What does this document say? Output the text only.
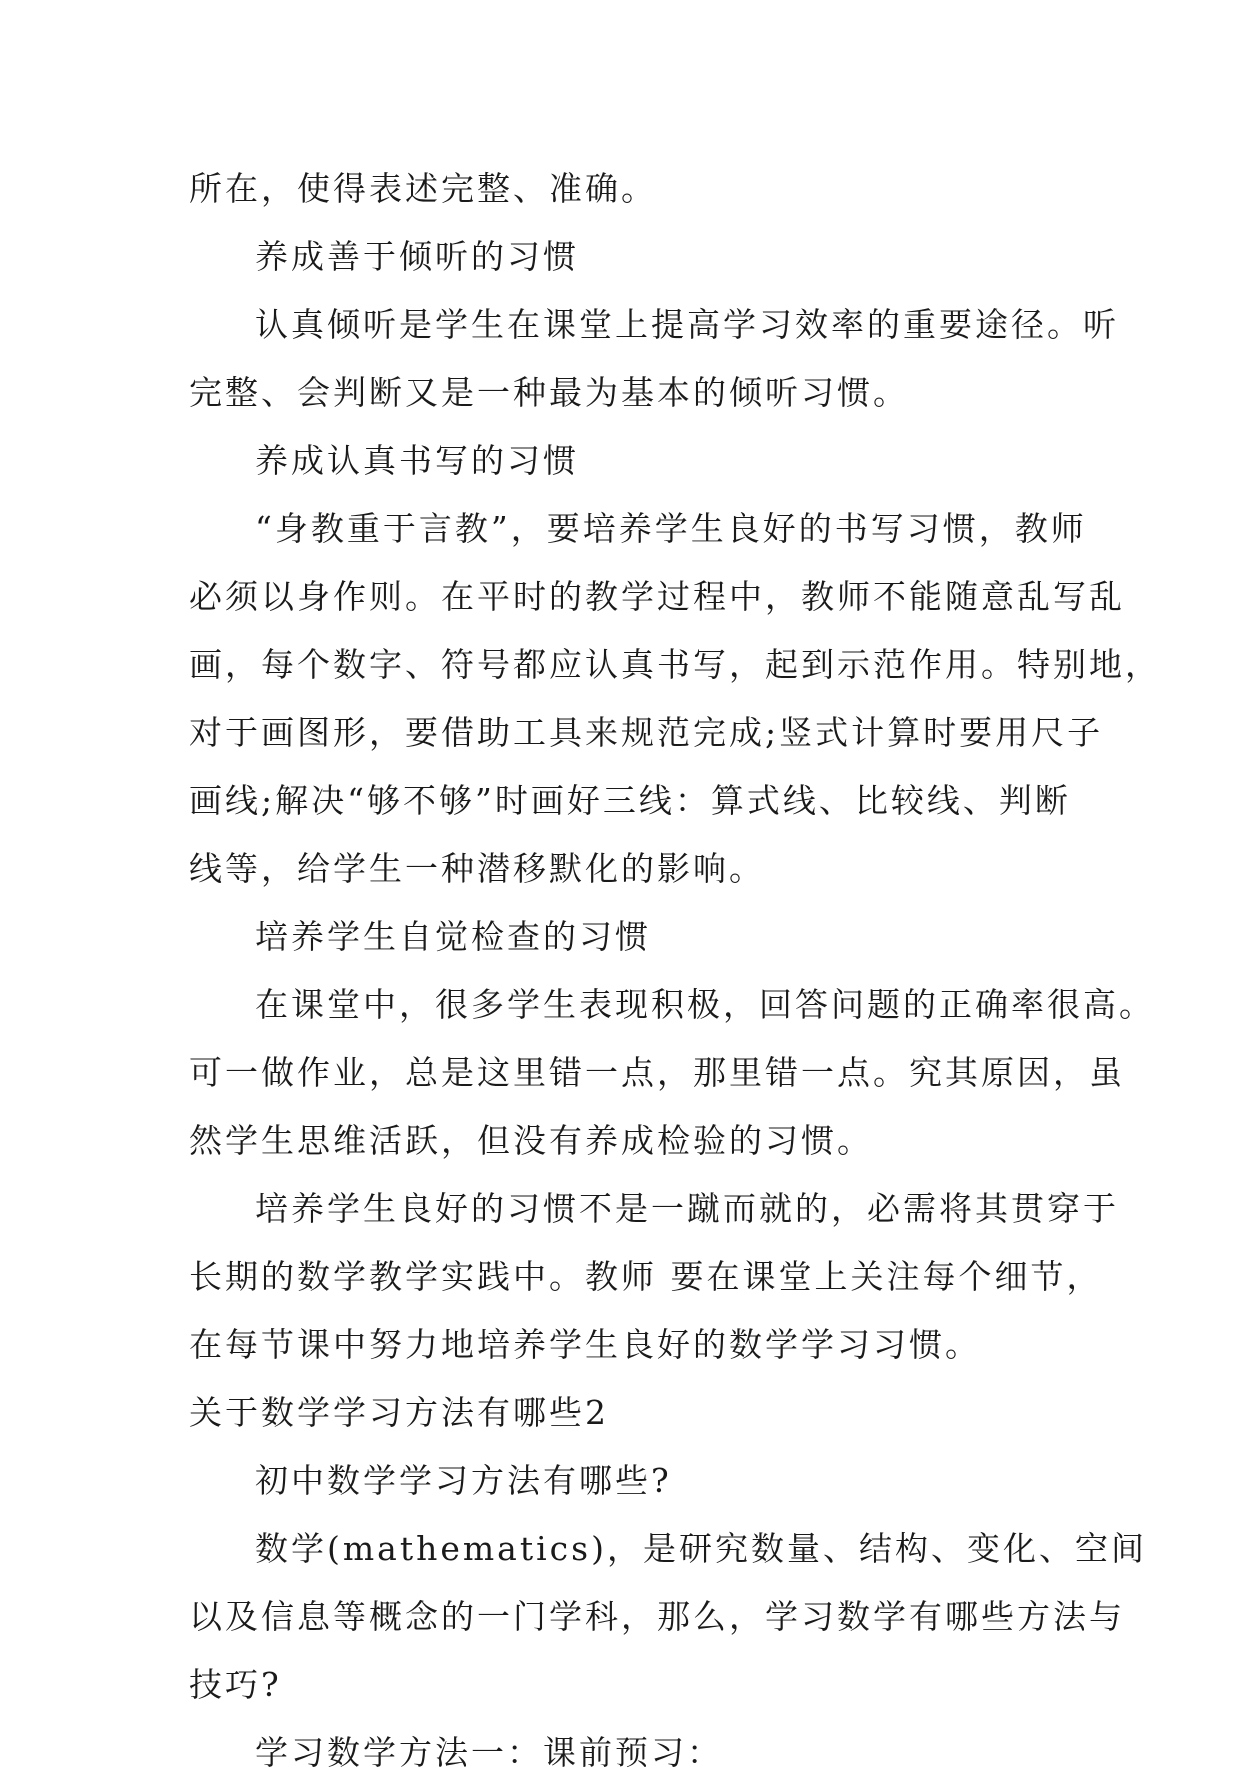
所在，使得表述完整、准确。
养成善于倾听的习惯
认真倾听是学生在课堂上提高学习效率的重要途径。听
完整、会判断又是一种最为基本的倾听习惯。
养成认真书写的习惯
“身教重于言教”，要培养学生良好的书写习惯，教师
必须以身作则。在平时的教学过程中，教师不能随意乱写乱
画，每个数字、符号都应认真书写，起到示范作用。特别地，
对于画图形，要借助工具来规范完成;竖式计算时要用尺子
画线;解决“够不够”时画好三线：算式线、比较线、判断
线等，给学生一种潜移默化的影响。
培养学生自觉检查的习惯
在课堂中，很多学生表现积极，回答问题的正确率很高。
可一做作业，总是这里错一点，那里错一点。究其原因，虽
然学生思维活跃，但没有养成检验的习惯。
培养学生良好的习惯不是一蹴而就的，必需将其贯穿于
长期的数学教学实践中。教师 要在课堂上关注每个细节，
在每节课中努力地培养学生良好的数学学习习惯。
关于数学学习方法有哪些2
初中数学学习方法有哪些?
数学(mathematics)，是研究数量、结构、变化、空间
以及信息等概念的一门学科，那么，学习数学有哪些方法与
技巧?
学习数学方法一：课前预习：
